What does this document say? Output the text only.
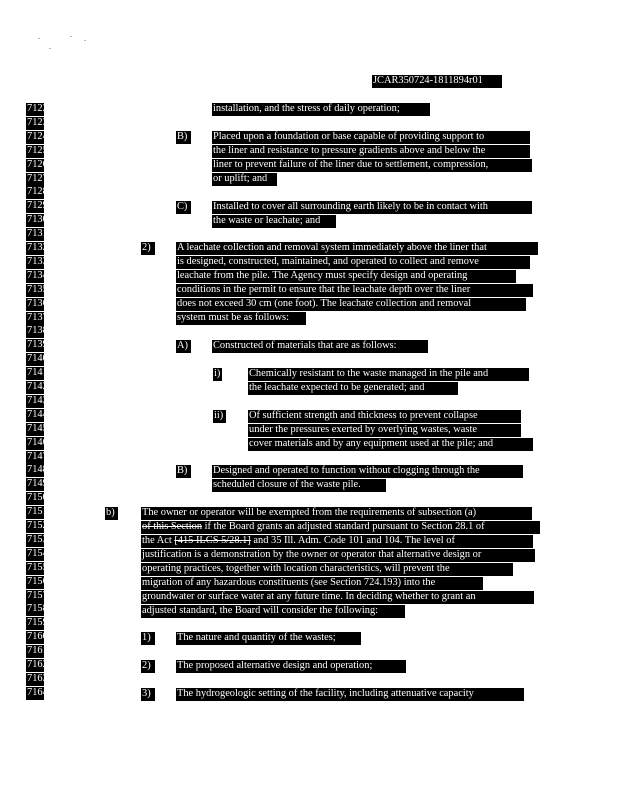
JCAR350724-1811894r01
7122
7123
7124
7125
7126
7127
7128
7129
7130
7131
7132
7133
7134
7135
7136
7137
7138
7139
7140
7141
7142
7143
7144
7145
7146
7147
7148
7149
7150
7151
7152
7153
7154
7155
7156
7157
7158
7159
7160
7161
7162
7163
7164
installation, and the stress of daily operation;
B)	Placed upon a foundation or base capable of providing support to
the liner and resistance to pressure gradients above and below the
liner to prevent failure of the liner due to settlement, compression,
or uplift; and
C)	Installed to cover all surrounding earth likely to be in contact with
the waste or leachate; and
2)	A leachate collection and removal system immediately above the liner that
is designed, constructed, maintained, and operated to collect and remove
leachate from the pile. The Agency must specify design and operating
conditions in the permit to ensure that the leachate depth over the liner
does not exceed 30 cm (one foot). The leachate collection and removal
system must be as follows:
A) Constructed of materials that are as follows:
i)	Chemically resistant to the waste managed in the pile and
the leachate expected to be generated; and
ii) Of sufficient strength and thickness to prevent collapse
under the pressures exerted by overlying wastes, waste
cover materials and by any equipment used at the pile; and
B)	Designed and operated to function without clogging through the
scheduled closure of the waste pile.
b)	The owner or operator will be exempted from the requirements of subsection (a)
of this Section if the Board grants an adjusted standard pursuant to Section 28.1 of
the Act [415 ILCS 5/28.1] and 35 Ill. Adm. Code 101 and 104. The level of
justification is a demonstration by the owner or operator that alternative design or
operating practices, together with location characteristics, will prevent the
migration of any hazardous constituents (see Section 724.193) into the
groundwater or surface water at any future time. In deciding whether to grant an
adjusted standard, the Board will consider the following:
1)	The nature and quantity of the wastes;
2)	The proposed alternative design and operation;
3)	The hydrogeologic setting of the facility, including attenuative capacity
